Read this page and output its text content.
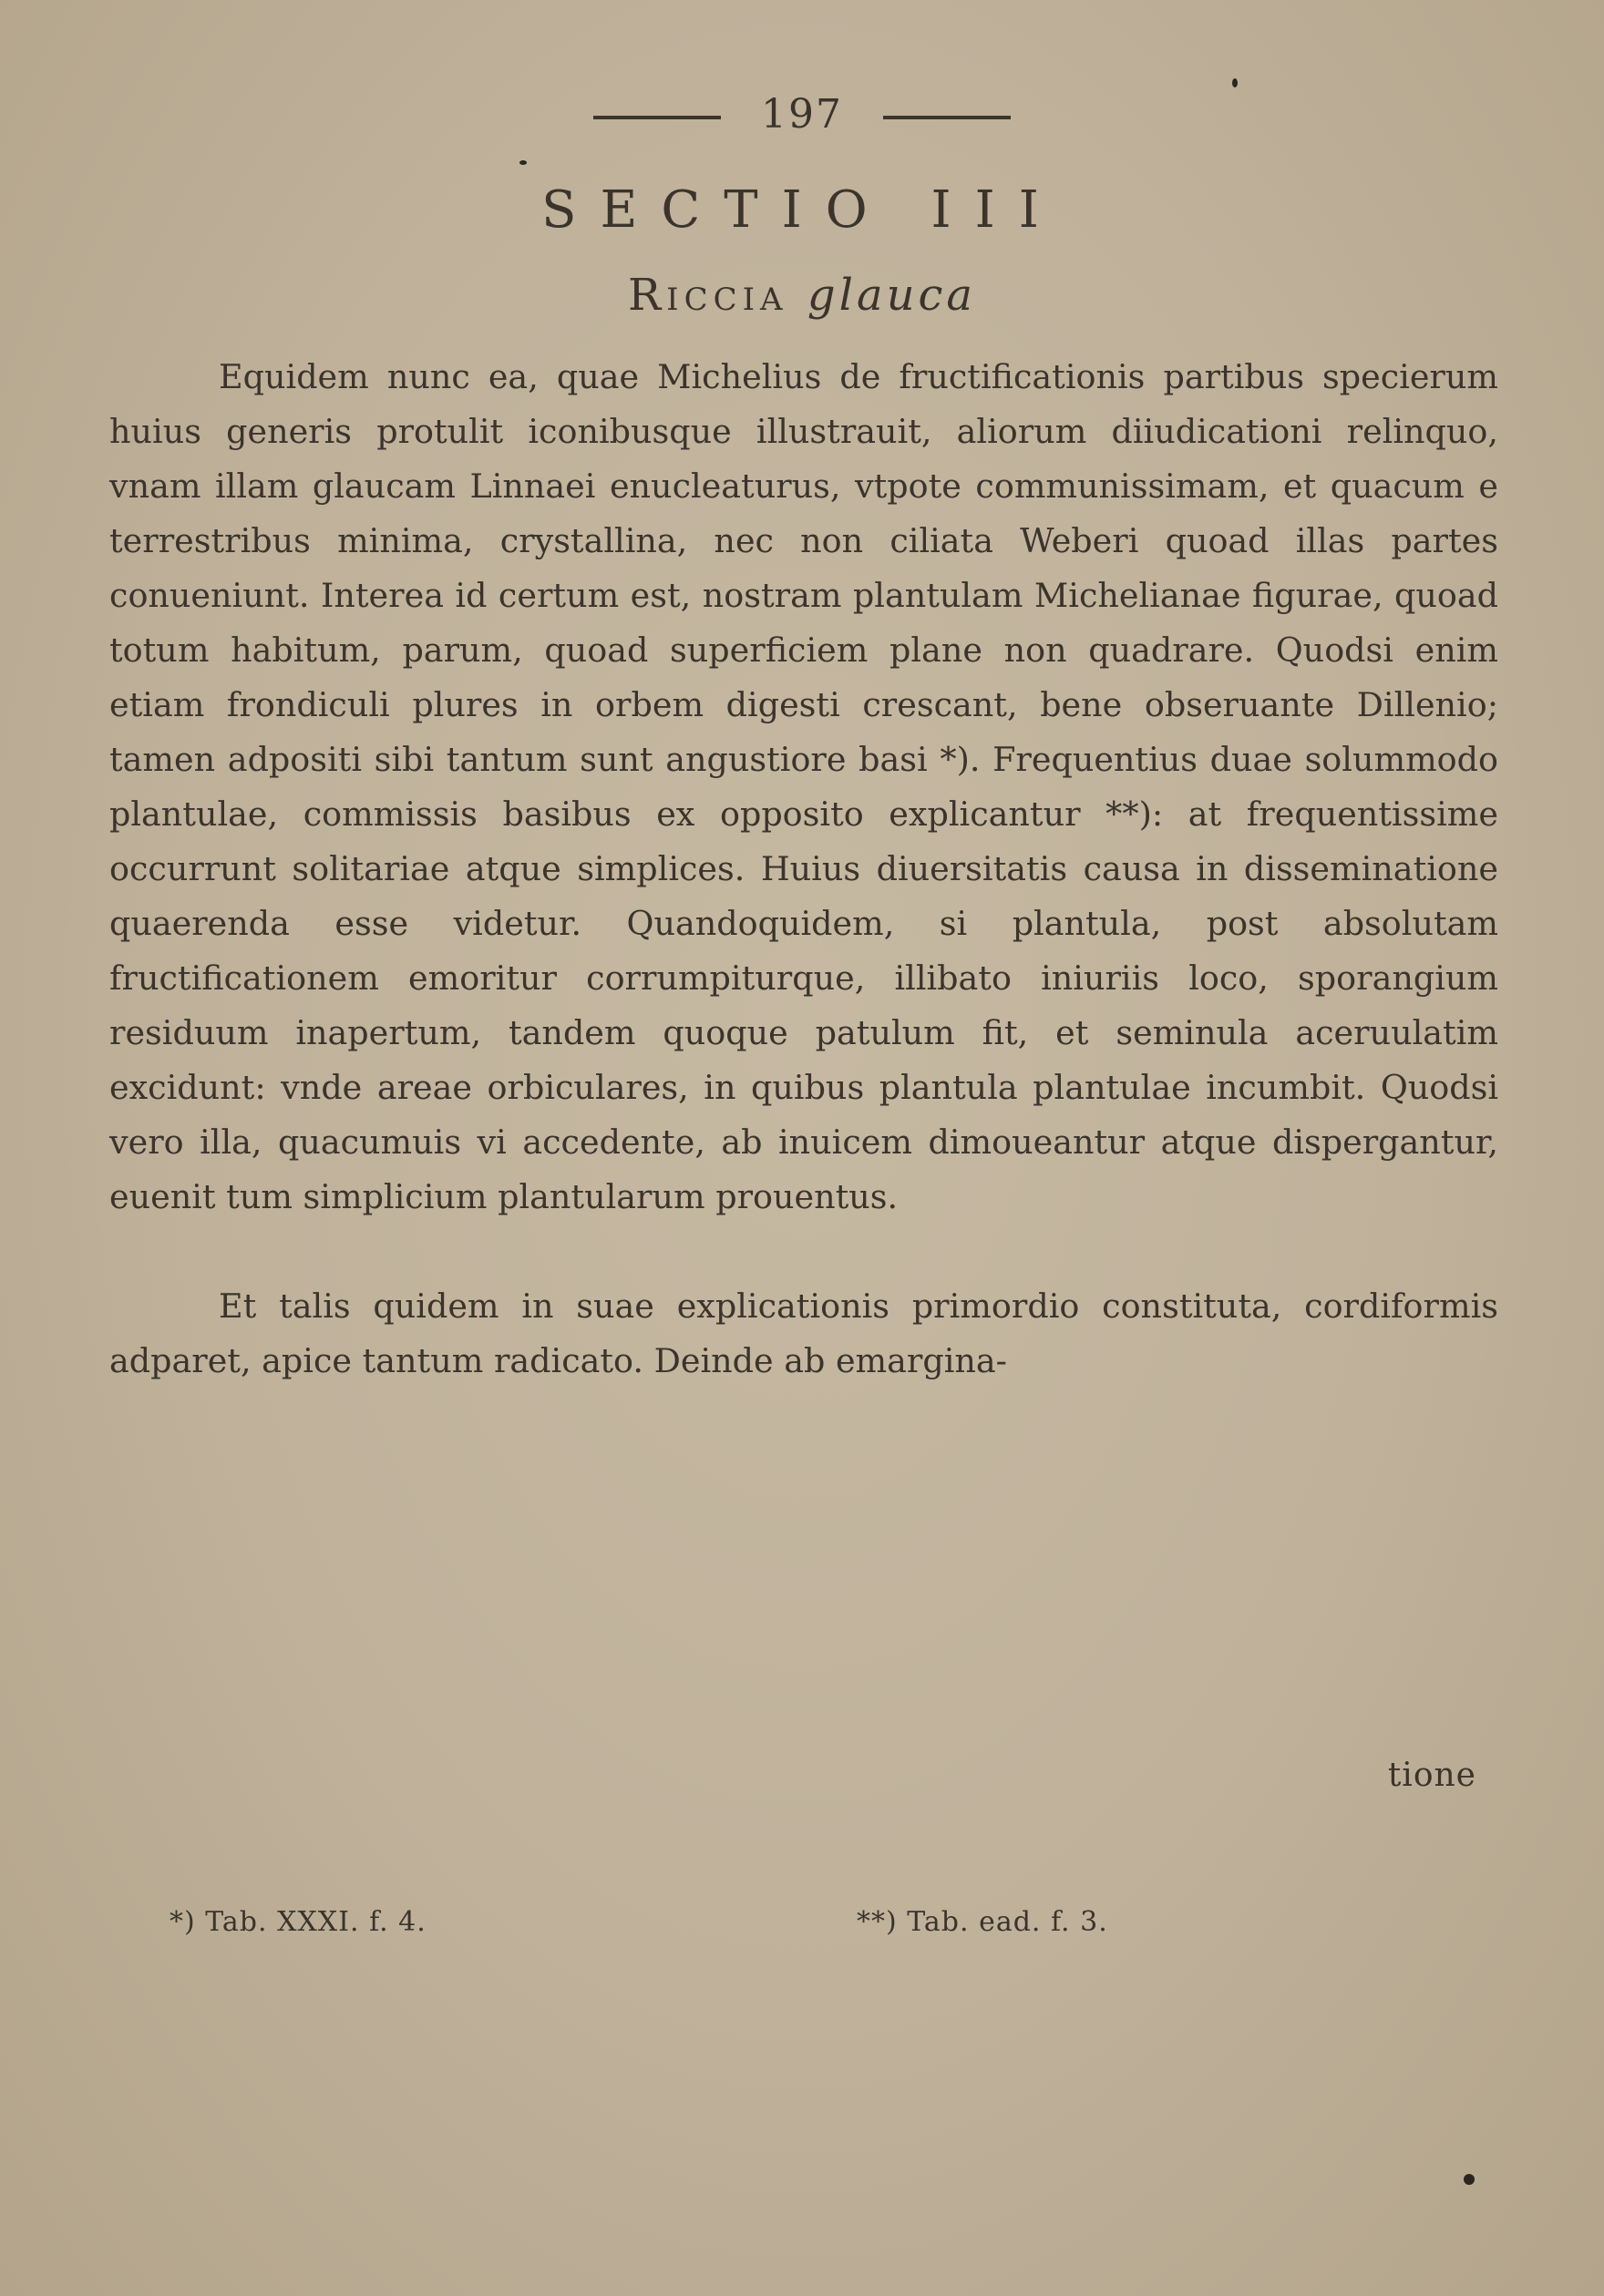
197
SECTIO III
Riccia glauca

Equidem nunc ea, quae Michelius de fructificationis partibus specierum huius generis protulit iconibusque illustrauit, aliorum diiudicationi relinquo, vnam illam glaucam Linnaei enucleaturus, vtpote communissimam, et quacum e terrestribus minima, crystallina, nec non ciliata Weberi quoad illas partes conueniunt. Interea id certum est, nostram plantulam Michelianae figurae, quoad totum habitum, parum, quoad superficiem plane non quadrare. Quodsi enim etiam frondiculi plures in orbem digesti crescant, bene obseruante Dillenio; tamen adpositi sibi tantum sunt angustiore basi *). Frequentius duae solummodo plantulae, commissis basibus ex opposito explicantur **): at frequentissime occurrunt solitariae atque simplices. Huius diuersitatis causa in disseminatione quaerenda esse videtur. Quandoquidem, si plantula, post absolutam fructificationem emoritur corrumpiturque, illibato iniuriis loco, sporangium residuum inapertum, tandem quoque patulum fit, et seminula aceruulatim excidunt: vnde areae orbiculares, in quibus plantula plantulae incumbit. Quodsi vero illa, quacumuis vi accedente, ab inuicem dimoueantur atque dispergantur, euenit tum simplicium plantularum prouentus.

Et talis quidem in suae explicationis primordio constituta, cordiformis adparet, apice tantum radicato. Deinde ab emargina-

tione
*) Tab. XXXI. f. 4.	**) Tab. ead. f. 3.
